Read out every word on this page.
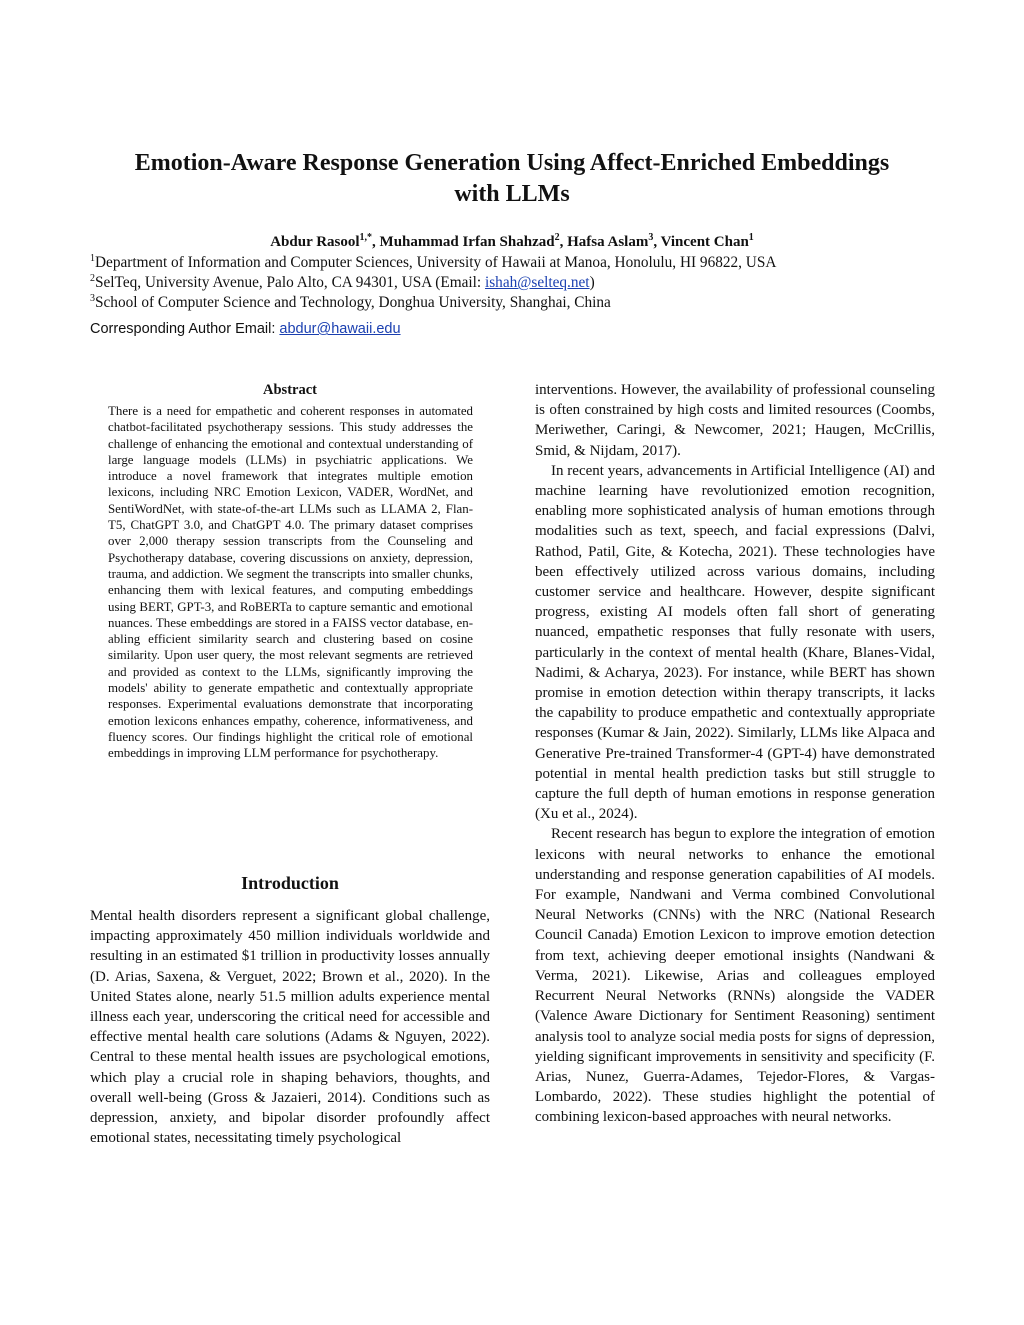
Emotion-Aware Response Generation Using Affect-Enriched Embeddings
with LLMs
Abdur Rasool$^{1,*}$, Muhammad Irfan Shahzad$^2$, Hafsa Aslam$^3$, Vincent Chan$^1$
$^1$Department of Information and Computer Sciences, University of Hawaii at Manoa, Honolulu, HI 96822, USA
$^2$SelTeq, University Avenue, Palo Alto, CA 94301, USA (Email: ishah@selteq.net)
$^3$School of Computer Science and Technology, Donghua University, Shanghai, China
Corresponding Author Email: abdur@hawaii.edu
Abstract

There is a need for empathetic and coherent responses in automated chatbot-facilitated psychotherapy sessions. This study addresses the challenge of enhancing the emotional and contextual understanding of large language models (LLMs) in psychiatric applications. We introduce a novel framework that integrates multiple emotion lexicons, including NRC Emotion Lexicon, VADER, WordNet, and SentiWordNet, with state-of-the-art LLMs such as LLAMA 2, Flan-T5, ChatGPT 3.0, and ChatGPT 4.0. The primary dataset comprises over 2,000 therapy session transcripts from the Counseling and Psychotherapy database, covering discussions on anxiety, depression, trauma, and addiction. We segment the transcripts into smaller chunks, enhancing them with lexical features, and computing embeddings using BERT, GPT-3, and RoBERTa to capture semantic and emotional nuances. These embeddings are stored in a FAISS vector database, enabling efficient similarity search and clustering based on cosine similarity. Upon user query, the most relevant segments are retrieved and provided as context to the LLMs, significantly improving the models' ability to generate empathetic and contextually appropriate responses. Experimental evaluations demonstrate that incorporating emotion lexicons enhances empathy, coherence, informativeness, and fluency scores. Our findings highlight the critical role of emotional embeddings in improving LLM performance for psychotherapy.

Introduction

Mental health disorders represent a significant global challenge, impacting approximately 450 million individuals worldwide and resulting in an estimated $1 trillion in productivity losses annually (D. Arias, Saxena, & Verguet, 2022; Brown et al., 2020). In the United States alone, nearly 51.5 million adults experience mental illness each year, underscoring the critical need for accessible and effective mental health care solutions (Adams & Nguyen, 2022). Central to these mental health issues are psychological emotions, which play a crucial role in shaping behaviors, thoughts, and overall well-being (Gross & Jazaieri, 2014). Conditions such as depression, anxiety, and bipolar disorder profoundly affect emotional states, necessitating timely psychological

interventions. However, the availability of professional counseling is often constrained by high costs and limited resources (Coombs, Meriwether, Caringi, & Newcomer, 2021; Haugen, McCrillis, Smid, & Nijdam, 2017).

In recent years, advancements in Artificial Intelligence (AI) and machine learning have revolutionized emotion recognition, enabling more sophisticated analysis of human emotions through modalities such as text, speech, and facial expressions (Dalvi, Rathod, Patil, Gite, & Kotecha, 2021). These technologies have been effectively utilized across various domains, including customer service and healthcare. However, despite significant progress, existing AI models often fall short of generating nuanced, empathetic responses that fully resonate with users, particularly in the context of mental health (Khare, Blanes-Vidal, Nadimi, & Acharya, 2023). For instance, while BERT has shown promise in emotion detection within therapy transcripts, it lacks the capability to produce empathetic and contextually appropriate responses (Kumar & Jain, 2022). Similarly, LLMs like Alpaca and Generative Pre-trained Transformer-4 (GPT-4) have demonstrated potential in mental health prediction tasks but still struggle to capture the full depth of human emotions in response generation (Xu et al., 2024).

Recent research has begun to explore the integration of emotion lexicons with neural networks to enhance the emotional understanding and response generation capabilities of AI models. For example, Nandwani and Verma combined Convolutional Neural Networks (CNNs) with the NRC (National Research Council Canada) Emotion Lexicon to improve emotion detection from text, achieving deeper emotional insights (Nandwani & Verma, 2021). Likewise, Arias and colleagues employed Recurrent Neural Networks (RNNs) alongside the VADER (Valence Aware Dictionary for Sentiment Reasoning) sentiment analysis tool to analyze social media posts for signs of depression, yielding significant improvements in sensitivity and specificity (F. Arias, Nunez, Guerra-Adames, Tejedor-Flores, & Vargas-Lombardo, 2022). These studies highlight the potential of combining lexicon-based approaches with neural networks.
